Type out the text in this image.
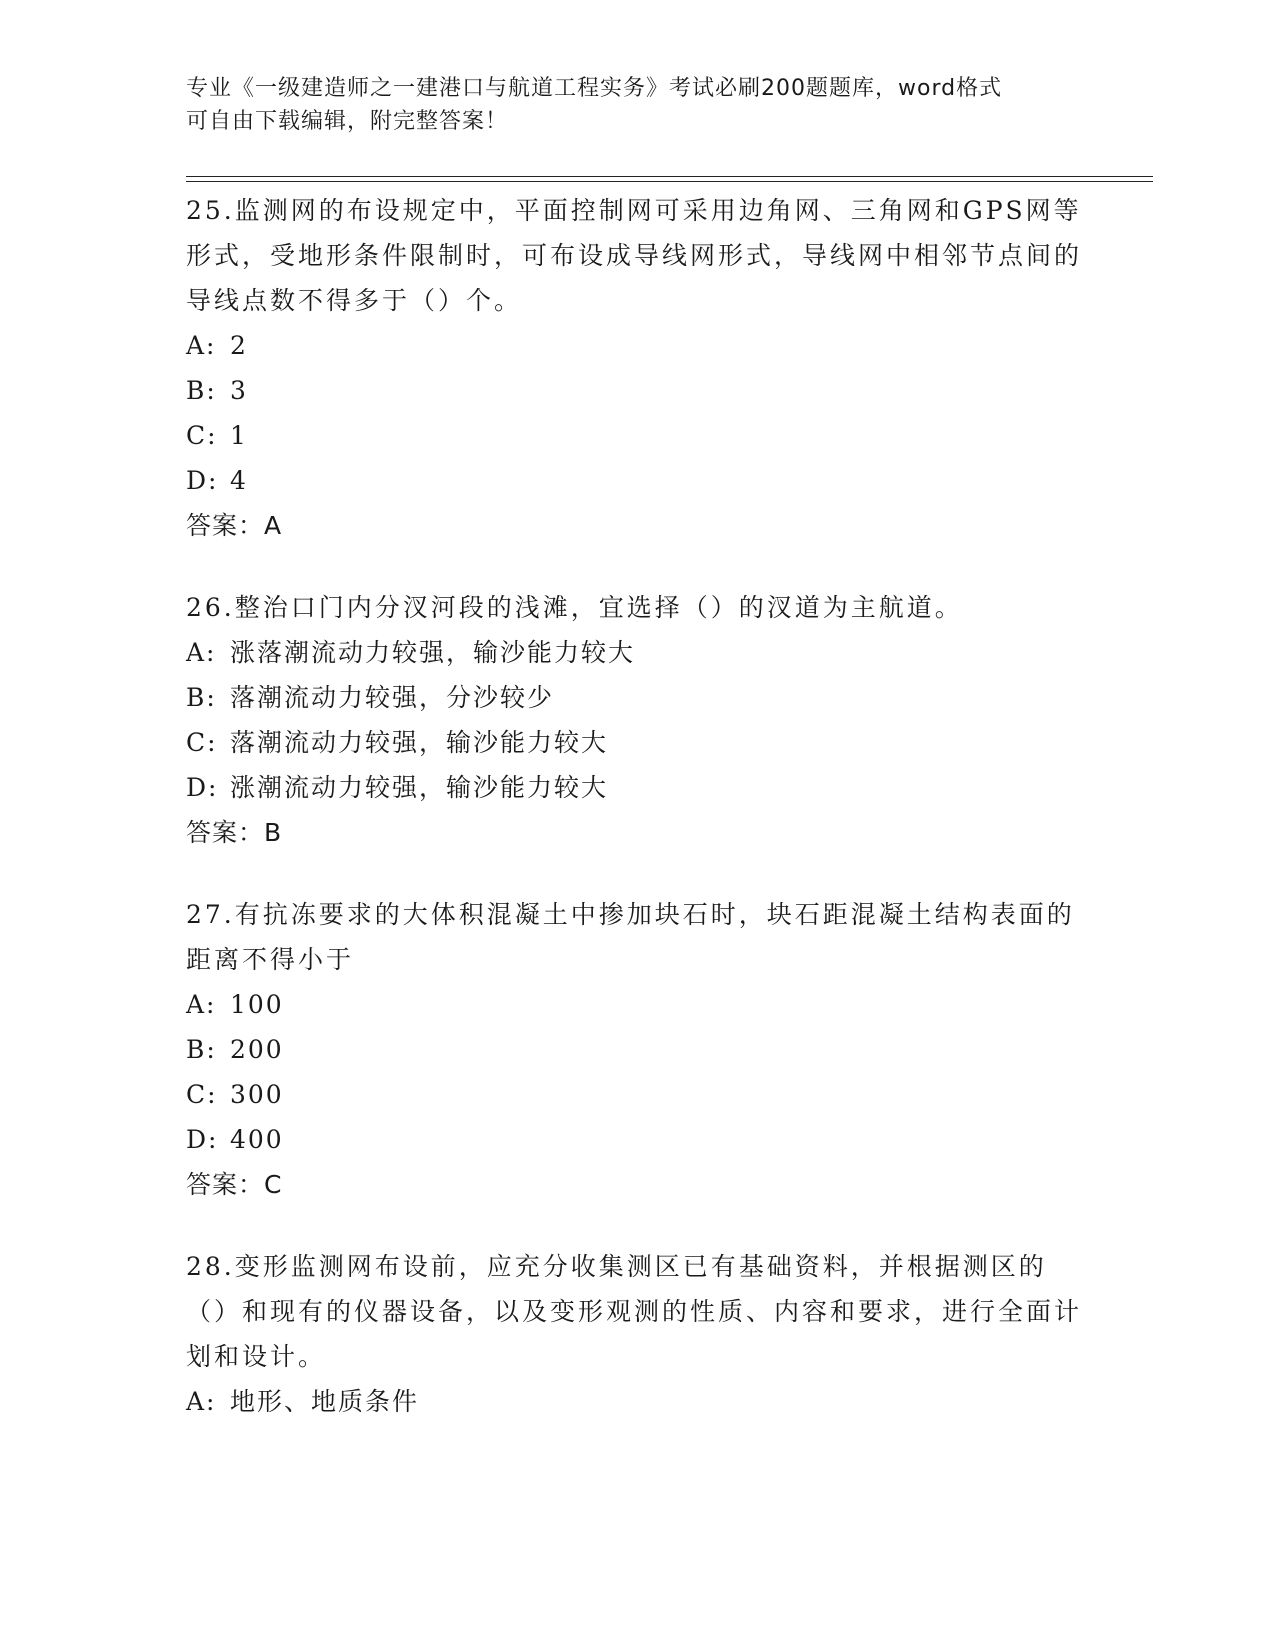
专业《一级建造师之一建港口与航道工程实务》考试必刷200题题库，word格式
可自由下载编辑，附完整答案！

25.监测网的布设规定中，平面控制网可采用边角网、三角网和GPS网等形式，受地形条件限制时，可布设成导线网形式，导线网中相邻节点间的导线点数不得多于（）个。

A: 2

B: 3

C: 1

D: 4

答案：A

26.整治口门内分汊河段的浅滩，宜选择（）的汊道为主航道。

A: 涨落潮流动力较强，输沙能力较大

B: 落潮流动力较强，分沙较少

C: 落潮流动力较强，输沙能力较大

D: 涨潮流动力较强，输沙能力较大

答案：B

27.有抗冻要求的大体积混凝土中掺加块石时，块石距混凝土结构表面的距离不得小于

A: 100

B: 200

C: 300

D: 400

答案：C

28.变形监测网布设前，应充分收集测区已有基础资料，并根据测区的（）和现有的仪器设备，以及变形观测的性质、内容和要求，进行全面计划和设计。

A: 地形、地质条件
